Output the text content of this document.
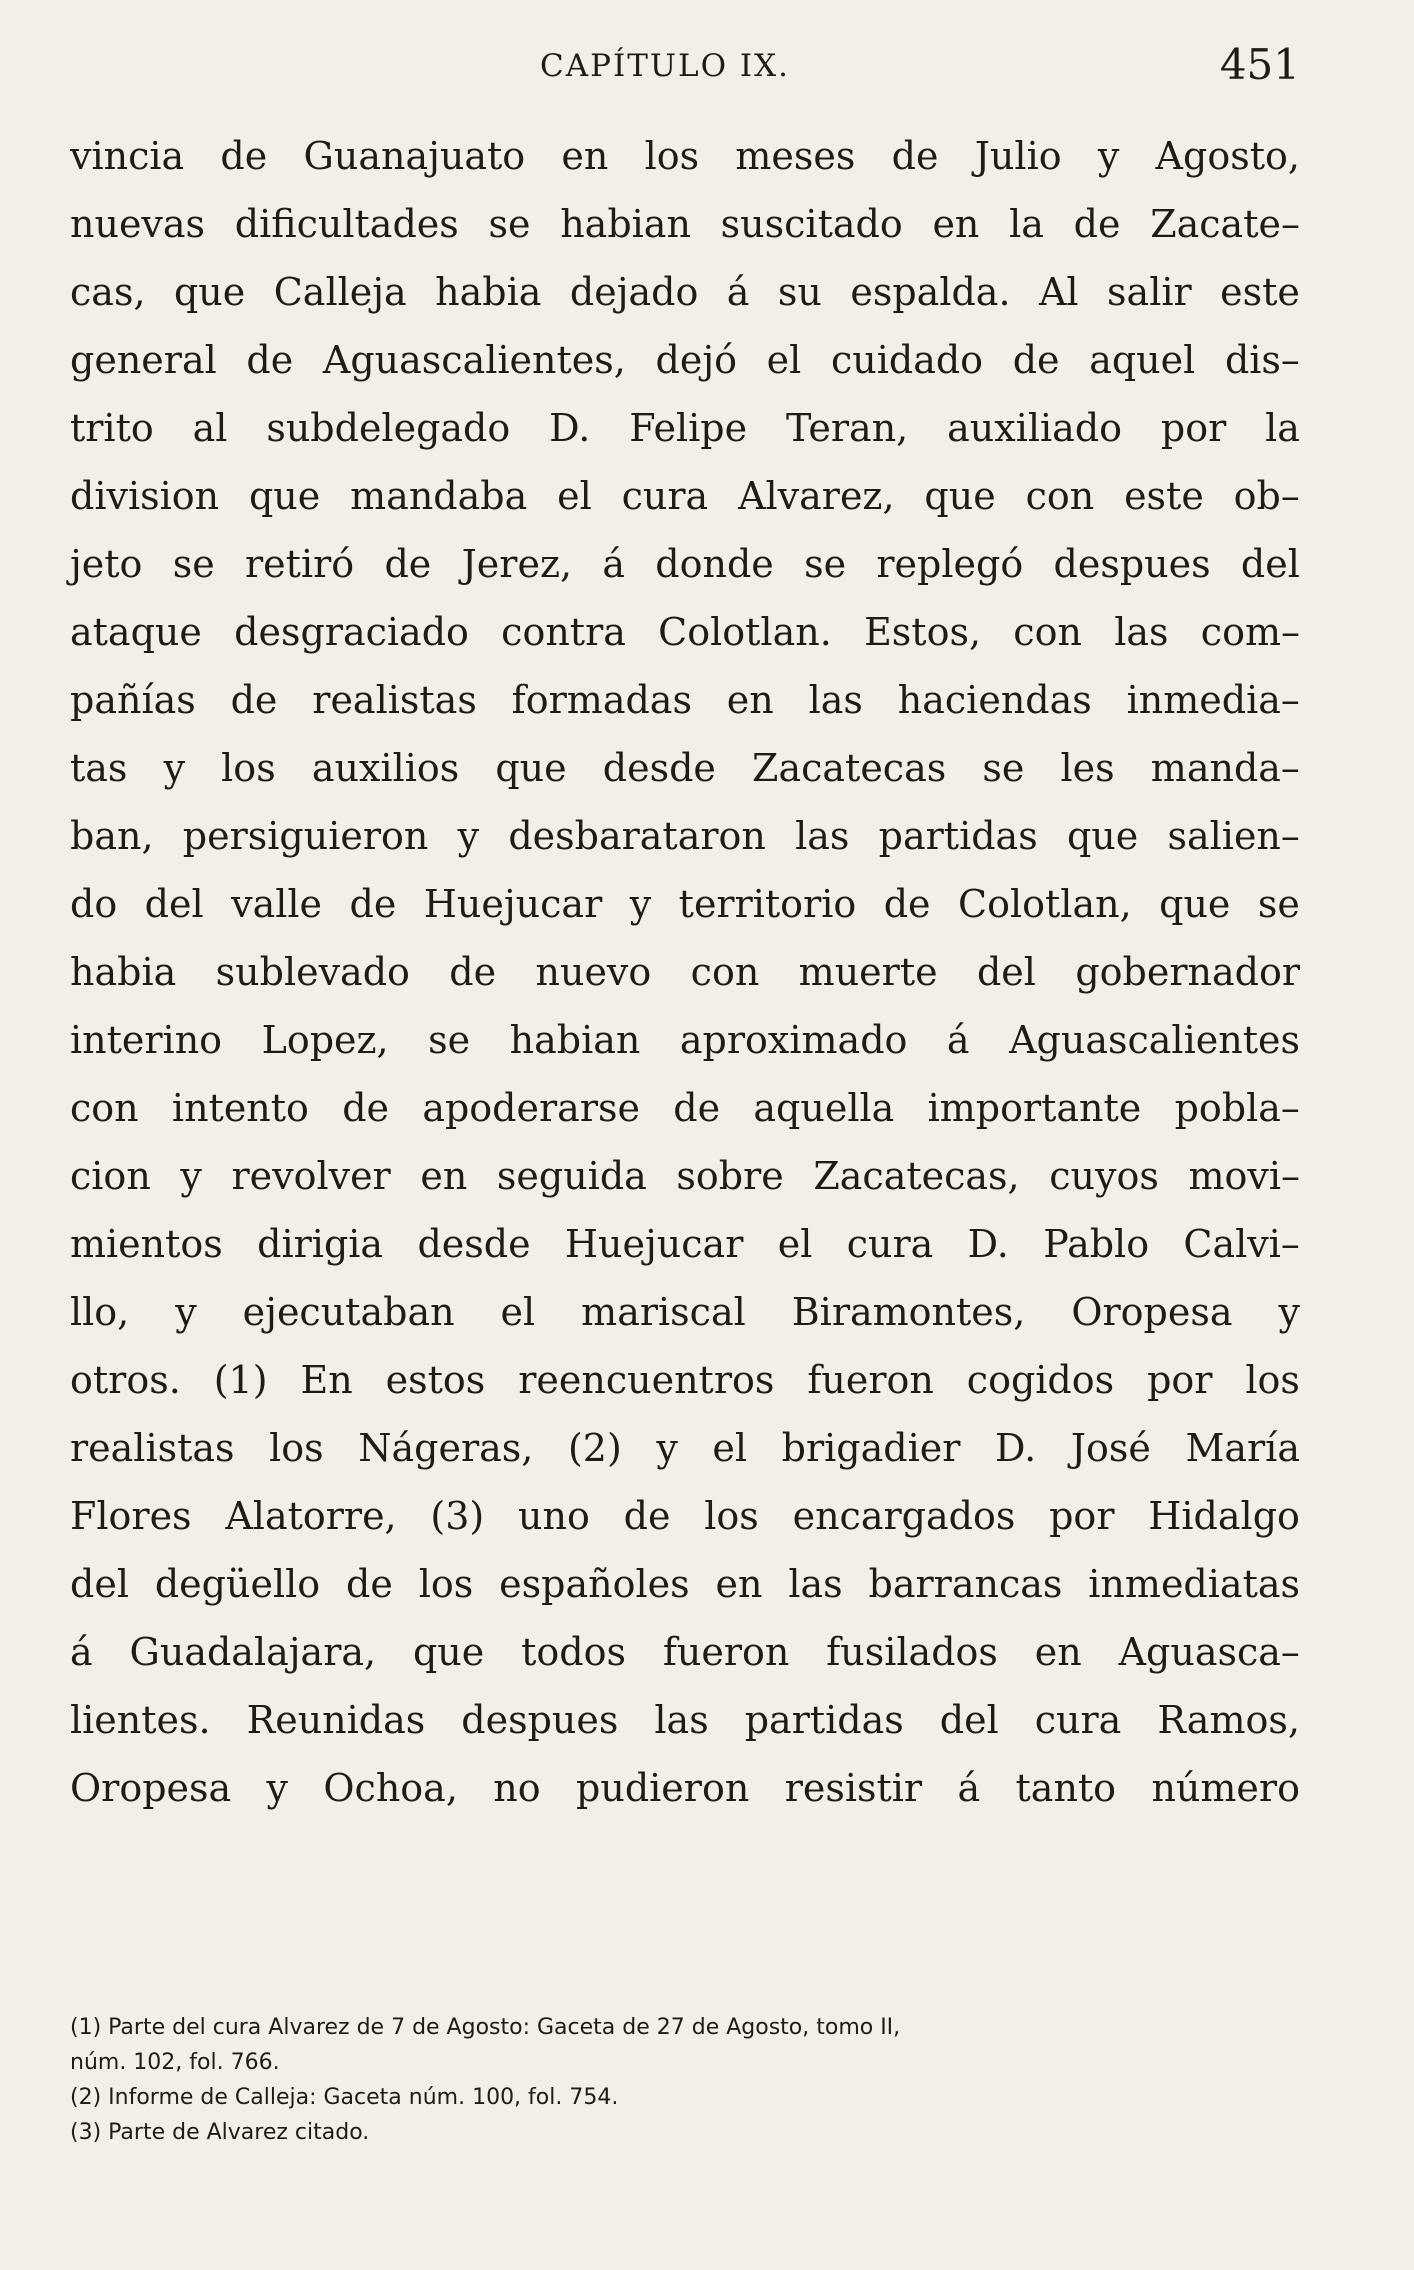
CAPÍTULO IX.	451
vincia de Guanajuato en los meses de Julio y Agosto,
nuevas dificultades se habian suscitado en la de Zacate–
cas, que Calleja habia dejado á su espalda. Al salir este
general de Aguascalientes, dejó el cuidado de aquel dis–
trito al subdelegado D. Felipe Teran, auxiliado por la
division que mandaba el cura Alvarez, que con este ob–
jeto se retiró de Jerez, á donde se replegó despues del
ataque desgraciado contra Colotlan. Estos, con las com–
pañías de realistas formadas en las haciendas inmedia–
tas y los auxilios que desde Zacatecas se les manda–
ban, persiguieron y desbarataron las partidas que salien–
do del valle de Huejucar y territorio de Colotlan, que se
habia sublevado de nuevo con muerte del gobernador
interino Lopez, se habian aproximado á Aguascalientes
con intento de apoderarse de aquella importante pobla–
cion y revolver en seguida sobre Zacatecas, cuyos movi–
mientos dirigia desde Huejucar el cura D. Pablo Calvi–
llo, y ejecutaban el mariscal Biramontes, Oropesa y
otros. (1) En estos reencuentros fueron cogidos por los
realistas los Nágeras, (2) y el brigadier D. José María
Flores Alatorre, (3) uno de los encargados por Hidalgo
del degüello de los españoles en las barrancas inmediatas
á Guadalajara, que todos fueron fusilados en Aguasca–
lientes. Reunidas despues las partidas del cura Ramos,
Oropesa y Ochoa, no pudieron resistir á tanto número
(1) Parte del cura Alvarez de 7 de Agosto: Gaceta de 27 de Agosto, tomo II,
núm. 102, fol. 766.
(2) Informe de Calleja: Gaceta núm. 100, fol. 754.
(3) Parte de Alvarez citado.
